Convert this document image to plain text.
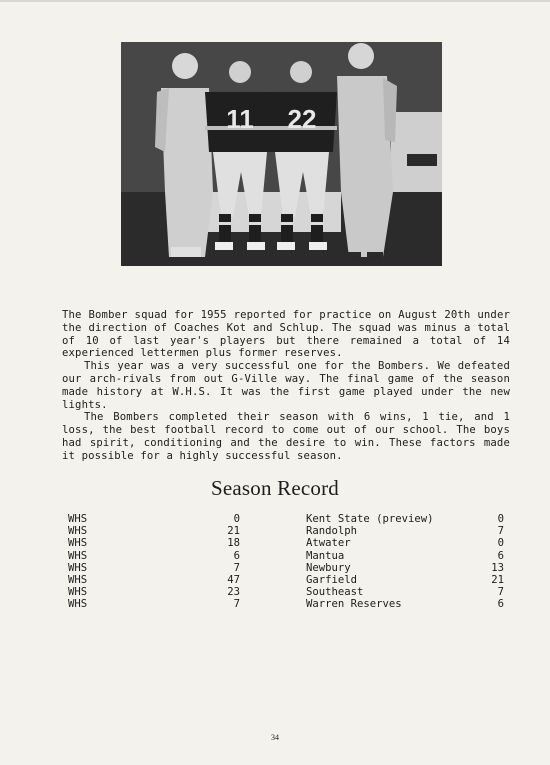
11 22

The Bomber squad for 1955 reported for practice on August 20th under the direction of Coaches Kot and Schlup. The squad was minus a total of 10 of last year's players but there remained a total of 14 experienced lettermen plus former reserves.

This year was a very successful one for the Bombers. We defeated our arch-rivals from out G-Ville way. The final game of the season made history at W.H.S. It was the first game played under the new lights.

The Bombers completed their season with 6 wins, 1 tie, and 1 loss, the best football record to come out of our school. The boys had spirit, conditioning and the desire to win. These factors made it possible for a highly successful season.

Season Record
WHS	0	Kent State (preview)	0
WHS	21	Randolph	7
WHS	18	Atwater	0
WHS	6	Mantua	6
WHS	7	Newbury	13
WHS	47	Garfield	21
WHS	23	Southeast	7
WHS	7	Warren Reserves	6
34
